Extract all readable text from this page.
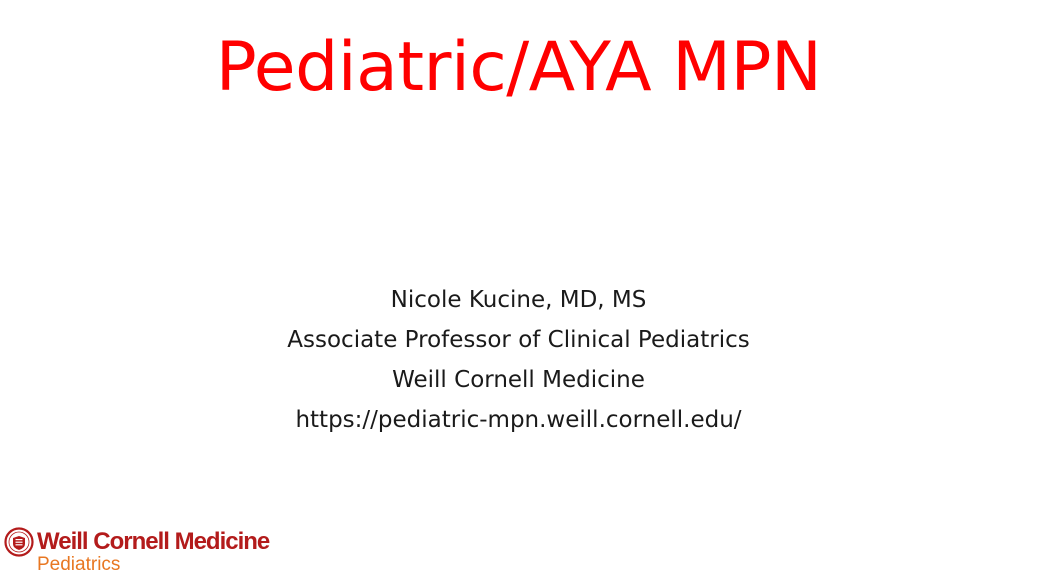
Pediatric/AYA MPN
Nicole Kucine, MD, MS
Associate Professor of Clinical Pediatrics
Weill Cornell Medicine
https://pediatric-mpn.weill.cornell.edu/
Weill Cornell Medicine
Pediatrics
